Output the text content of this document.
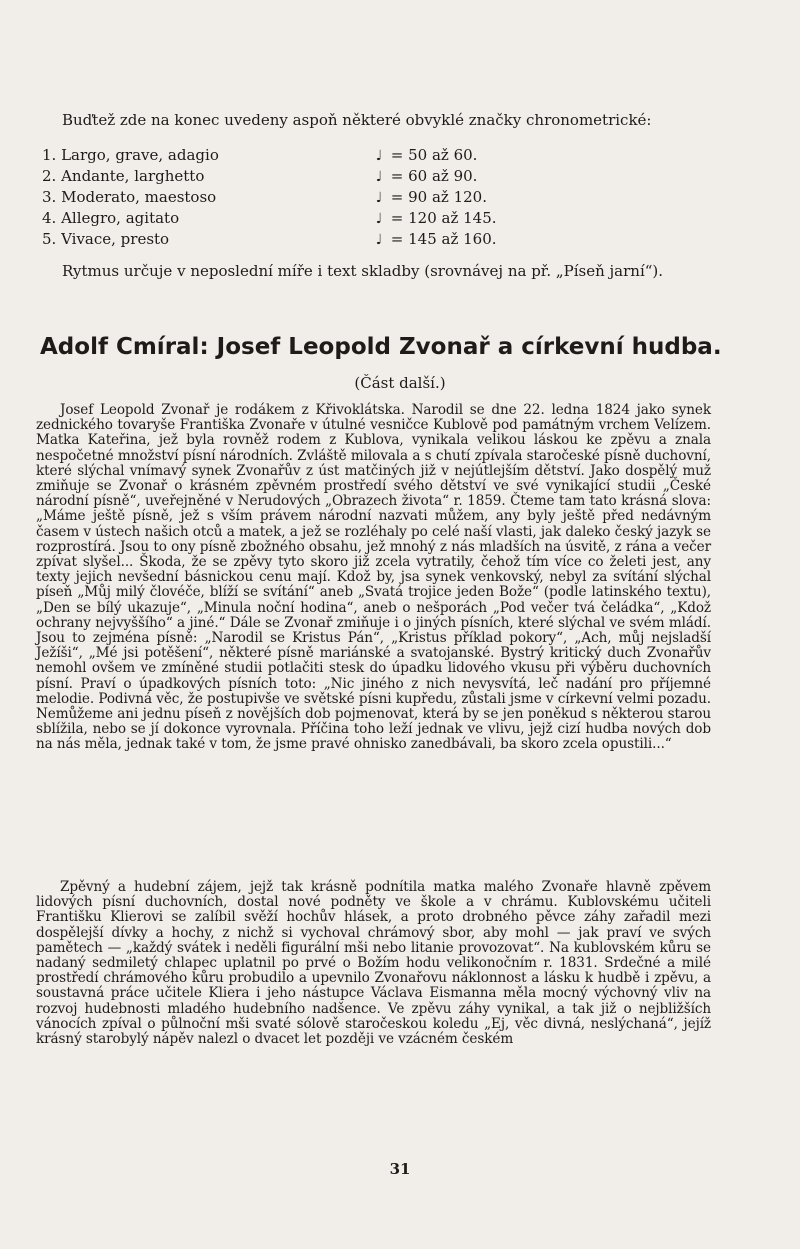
Buďtež zde na konec uvedeny aspoň některé obvyklé značky chronometrické:

1. Largo, grave, adagio	♩ = 50 až 60.
2. Andante, larghetto	♩ = 60 až 90.
3. Moderato, maestoso	♩ = 90 až 120.
4. Allegro, agitato	♩ = 120 až 145.
5. Vivace, presto	♩ = 145 až 160.

Rytmus určuje v neposlední míře i text skladby (srovnávej na př. „Píseň jarní“).

Adolf Cmíral: Josef Leopold Zvonař a církevní hudba.

(Část další.)

Josef Leopold Zvonař je rodákem z Křivoklátska. Narodil se dne 22. ledna 1824 jako synek zednického tovaryše Františka Zvonaře v útulné vesničce Kublově pod památným vrchem Velízem. Matka Kateřina, jež byla rovněž rodem z Kublova, vynikala velikou láskou ke zpěvu a znala nespočetné množství písní národních. Zvláště milovala a s chutí zpívala staročeské písně duchovní, které slýchal vnímavý synek Zvonařův z úst matčiných již v nejútlejším dětství. Jako dospělý muž zmiňuje se Zvonař o krásném zpěvném prostředí svého dětství ve své vynikající studii „České národní písně“, uveřejněné v Nerudových „Obrazech života“ r. 1859. Čteme tam tato krásná slova: „Máme ještě písně, jež s vším právem národní nazvati můžem, any byly ještě před nedávným časem v ústech našich otců a matek, a jež se rozléhaly po celé naší vlasti, jak daleko český jazyk se rozprostírá. Jsou to ony písně zbožného obsahu, jež mnohý z nás mladších na úsvitě, z rána a večer zpívat slyšel... Škoda, že se zpěvy tyto skoro již zcela vytratily, čehož tím více co želeti jest, any texty jejich nevšední básnickou cenu mají. Kdož by, jsa synek venkovský, nebyl za svítání slýchal píseň „Můj milý človéče, blíží se svítání“ aneb „Svatá trojice jeden Bože“ (podle latinského textu), „Den se bílý ukazuje“, „Minula noční hodina“, aneb o nešporách „Pod večer tvá čeládka“, „Kdož ochrany nejvyššího“ a jiné.“ Dále se Zvonař zmiňuje i o jiných písních, které slýchal ve svém mládí. Jsou to zejména písně: „Narodil se Kristus Pán“, „Kristus příklad pokory“, „Ach, můj nejsladší Ježíši“, „Mé jsi potěšení“, některé písně mariánské a svatojanské. Bystrý kritický duch Zvonařův nemohl ovšem ve zmíněné studii potlačiti stesk do úpadku lidového vkusu při výběru duchovních písní. Praví o úpadkových písních toto: „Nic jiného z nich nevysvítá, leč nadání pro příjemné melodie. Podivná věc, že postupivše ve světské písni kupředu, zůstali jsme v církevní velmi pozadu. Nemůžeme ani jednu píseň z novějších dob pojmenovat, která by se jen poněkud s některou starou sblížila, nebo se jí dokonce vyrovnala. Příčina toho leží jednak ve vlivu, jejž cizí hudba nových dob na nás měla, jednak také v tom, že jsme pravé ohnisko zanedbávali, ba skoro zcela opustili...“

Zpěvný a hudební zájem, jejž tak krásně podnítila matka malého Zvonaře hlavně zpěvem lidových písní duchovních, dostal nové podněty ve škole a v chrámu. Kublovskému učiteli Františku Klierovi se zalíbil svěží hochův hlásek, a proto drobného pěvce záhy zařadil mezi dospělejší dívky a hochy, z nichž si vychoval chrámový sbor, aby mohl — jak praví ve svých pamětech — „každý svátek i neděli figurální mši nebo litanie provozovat“. Na kublovském kůru se nadaný sedmiletý chlapec uplatnil po prvé o Božím hodu velikonočním r. 1831. Srdečné a milé prostředí chrámového kůru probudilo a upevnilo Zvonařovu náklonnost a lásku k hudbě i zpěvu, a soustavná práce učitele Kliera i jeho nástupce Václava Eismanna měla mocný výchovný vliv na rozvoj hudebnosti mladého hudebního nadšence. Ve zpěvu záhy vynikal, a tak již o nejbližších vánocích zpíval o půlnoční mši svaté sólově staročeskou koledu „Ej, věc divná, neslýchaná“, jejíž krásný starobylý nápěv nalezl o dvacet let později ve vzácném českém

31
